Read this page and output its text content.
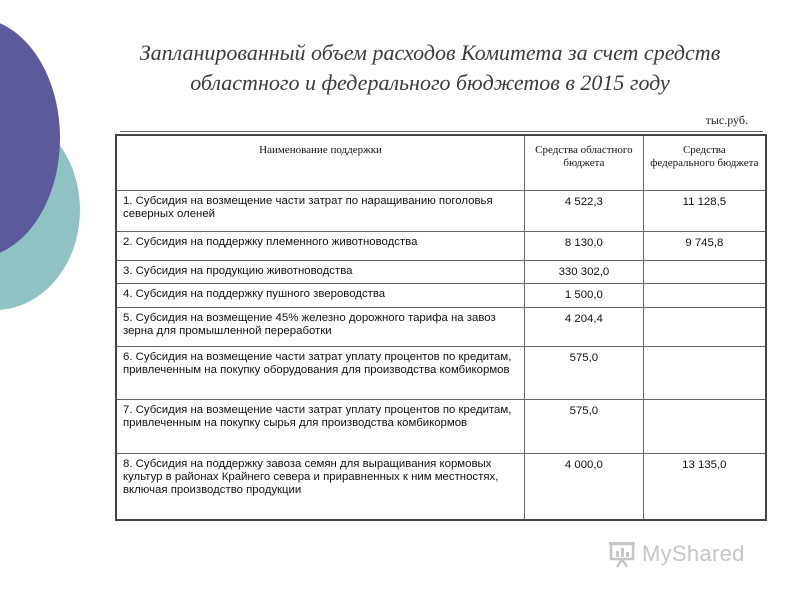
Запланированный объем расходов Комитета за счет средств
областного и федерального бюджетов в 2015 году
тыс.руб.
Наименование поддержки	Средства областного бюджета	Средства федерального бюджета
1. Субсидия на возмещение части затрат по наращиванию поголовья северных оленей	4 522,3	11 128,5
2. Субсидия на поддержку племенного животноводства	8 130,0	9 745,8
3. Субсидия на продукцию животноводства	330 302,0	
4. Субсидия на поддержку пушного звероводства	1 500,0	
5. Субсидия на возмещение 45% железно дорожного тарифа на завоз зерна для промышленной переработки	4 204,4	
6. Субсидия на возмещение части затрат уплату процентов по кредитам, привлеченным на покупку оборудования для производства комбикормов	575,0	
7. Субсидия на возмещение части затрат уплату процентов по кредитам, привлеченным на покупку сырья для производства комбикормов	575,0	
8. Субсидия на поддержку завоза семян для выращивания кормовых культур в районах Крайнего севера и приравненных к ним местностях, включая производство продукции	4 000,0	13 135,0
MyShared
